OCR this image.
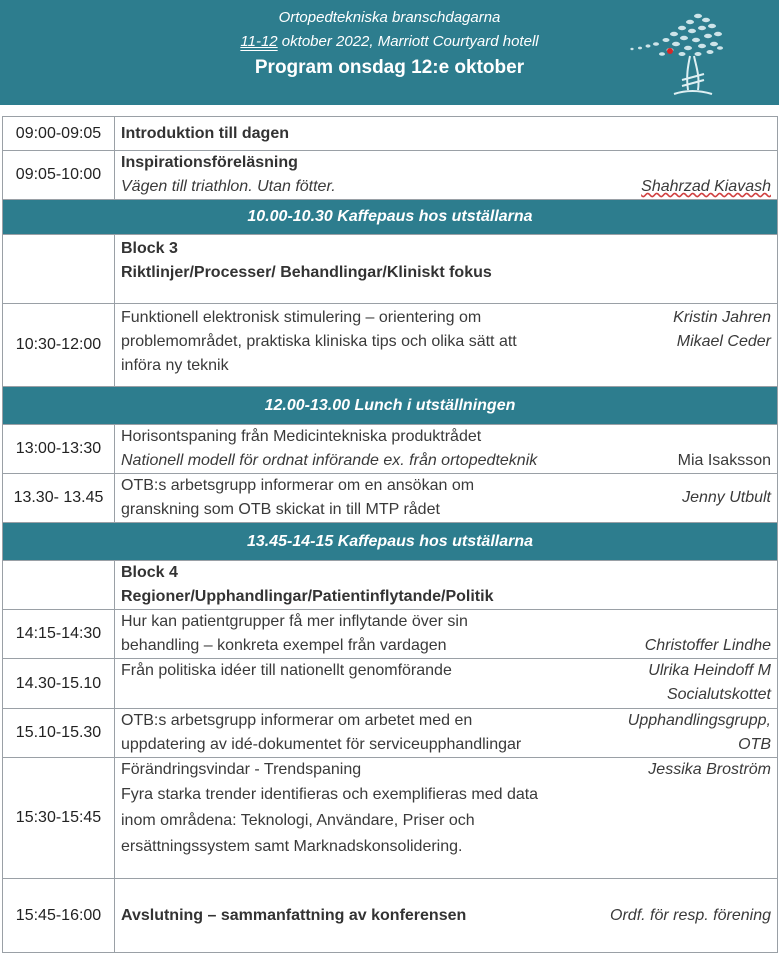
Ortopedtekniska branschdagarna
11-12 oktober 2022, Marriott Courtyard hotell
Program onsdag 12:e oktober
09:00-09:05	Introduktion till dagen
09:05-10:00	Inspirationsföreläsning
Vägen till triathlon. Utan fötter. Shahrzad Kiavash

10.00-10.30 Kaffepaus hos utställarna	

	Block 3
Riktlinjer/Processer/ Behandlingar/Kliniskt fokus

10:30-12:00	Funktionell elektronisk stimulering – orientering om
problemområdet, praktiska kliniska tips och olika sätt att
införa ny teknik
Kristin Jahren
Mikael Ceder

12.00-13.00 Lunch i utställningen	
13:00-13:30	Horisontspaning från Medicintekniska produktrådet
Nationell modell för ordnat införande ex. från ortopedteknik Mia Isaksson

13.30- 13.45	OTB:s arbetsgrupp informerar om en ansökan om
granskning som OTB skickat in till MTP rådet
Jenny Utbult

13.45-14-15 Kaffepaus hos utställarna	

	Block 4
Regioner/Upphandlingar/Patientinflytande/Politik

14:15-14:30	Hur kan patientgrupper få mer inflytande över sin
behandling – konkreta exempel från vardagen Christoffer Lindhe

14.30-15.10	Från politiska idéer till nationellt genomförande Ulrika Heindoff M
Socialutskottet

15.10-15.30	OTB:s arbetsgrupp informerar om arbetet med en
uppdatering av idé-dokumentet för serviceupphandlingar
Upphandlingsgrupp,
OTB

15:30-15:45	Förändringsvindar - Trendspaning
Fyra starka trender identifieras och exemplifieras med data
inom områdena: Teknologi, Användare, Priser och
ersättningssystem samt Marknadskonsolidering.
Jessika Broström

15:45-16:00	Avslutning – sammanfattning av konferensen Ordf. för resp. förening
